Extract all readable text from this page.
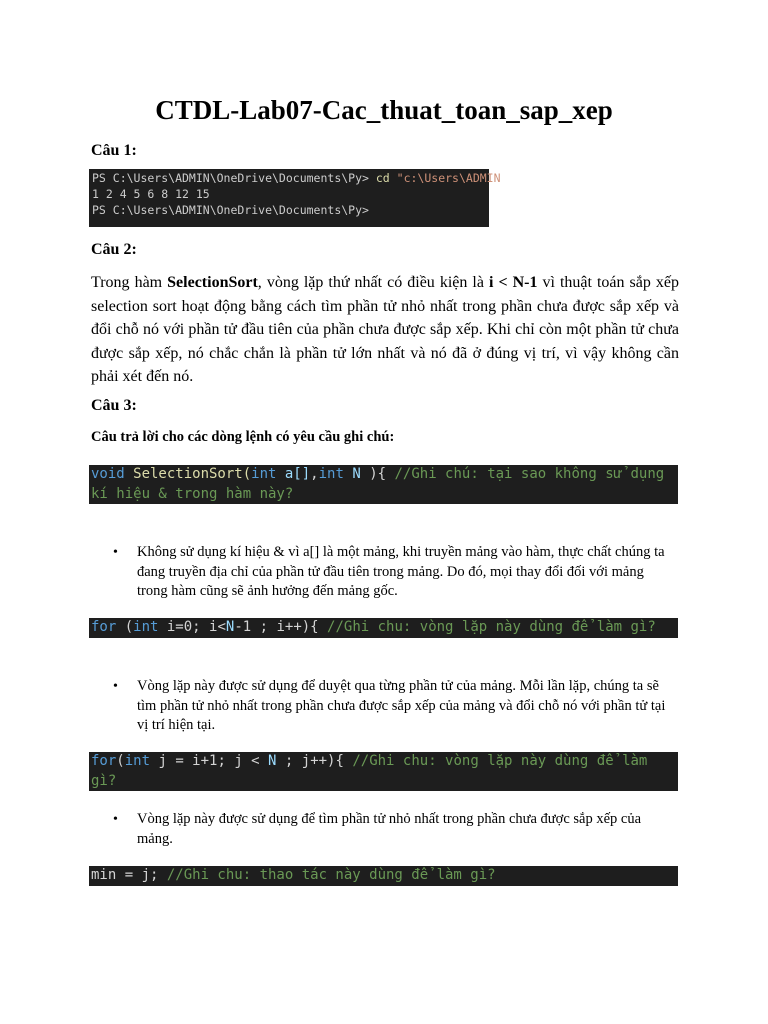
CTDL-Lab07-Cac_thuat_toan_sap_xep
Câu 1:
PS C:\Users\ADMIN\OneDrive\Documents\Py> cd "c:\Users\ADMIN
1 2 4 5 6 8 12 15
PS C:\Users\ADMIN\OneDrive\Documents\Py>
Câu 2:
Trong hàm SelectionSort, vòng lặp thứ nhất có điều kiện là i < N-1 vì thuật toán sắp xếp selection sort hoạt động bằng cách tìm phần tử nhỏ nhất trong phần chưa được sắp xếp và đổi chỗ nó với phần tử đầu tiên của phần chưa được sắp xếp. Khi chỉ còn một phần tử chưa được sắp xếp, nó chắc chắn là phần tử lớn nhất và nó đã ở đúng vị trí, vì vậy không cần phải xét đến nó.
Câu 3:
Câu trả lời cho các dòng lệnh có yêu cầu ghi chú:
void SelectionSort(int a[],int N ){ //Ghi chú: tại sao không sử dụng kí hiệu & trong hàm này?
• Không sử dụng kí hiệu & vì a[] là một mảng, khi truyền mảng vào hàm, thực chất chúng ta đang truyền địa chỉ của phần tử đầu tiên trong mảng. Do đó, mọi thay đổi đối với mảng trong hàm cũng sẽ ảnh hưởng đến mảng gốc.
for (int i=0; i<N-1 ; i++){ //Ghi chu: vòng lặp này dùng để làm gì?
• Vòng lặp này được sử dụng để duyệt qua từng phần tử của mảng. Mỗi lần lặp, chúng ta sẽ tìm phần tử nhỏ nhất trong phần chưa được sắp xếp của mảng và đổi chỗ nó với phần tử tại vị trí hiện tại.
for(int j = i+1; j < N ; j++){ //Ghi chu: vòng lặp này dùng để làm gì?
• Vòng lặp này được sử dụng để tìm phần tử nhỏ nhất trong phần chưa được sắp xếp của mảng.
min = j; //Ghi chu: thao tác này dùng để làm gì?
